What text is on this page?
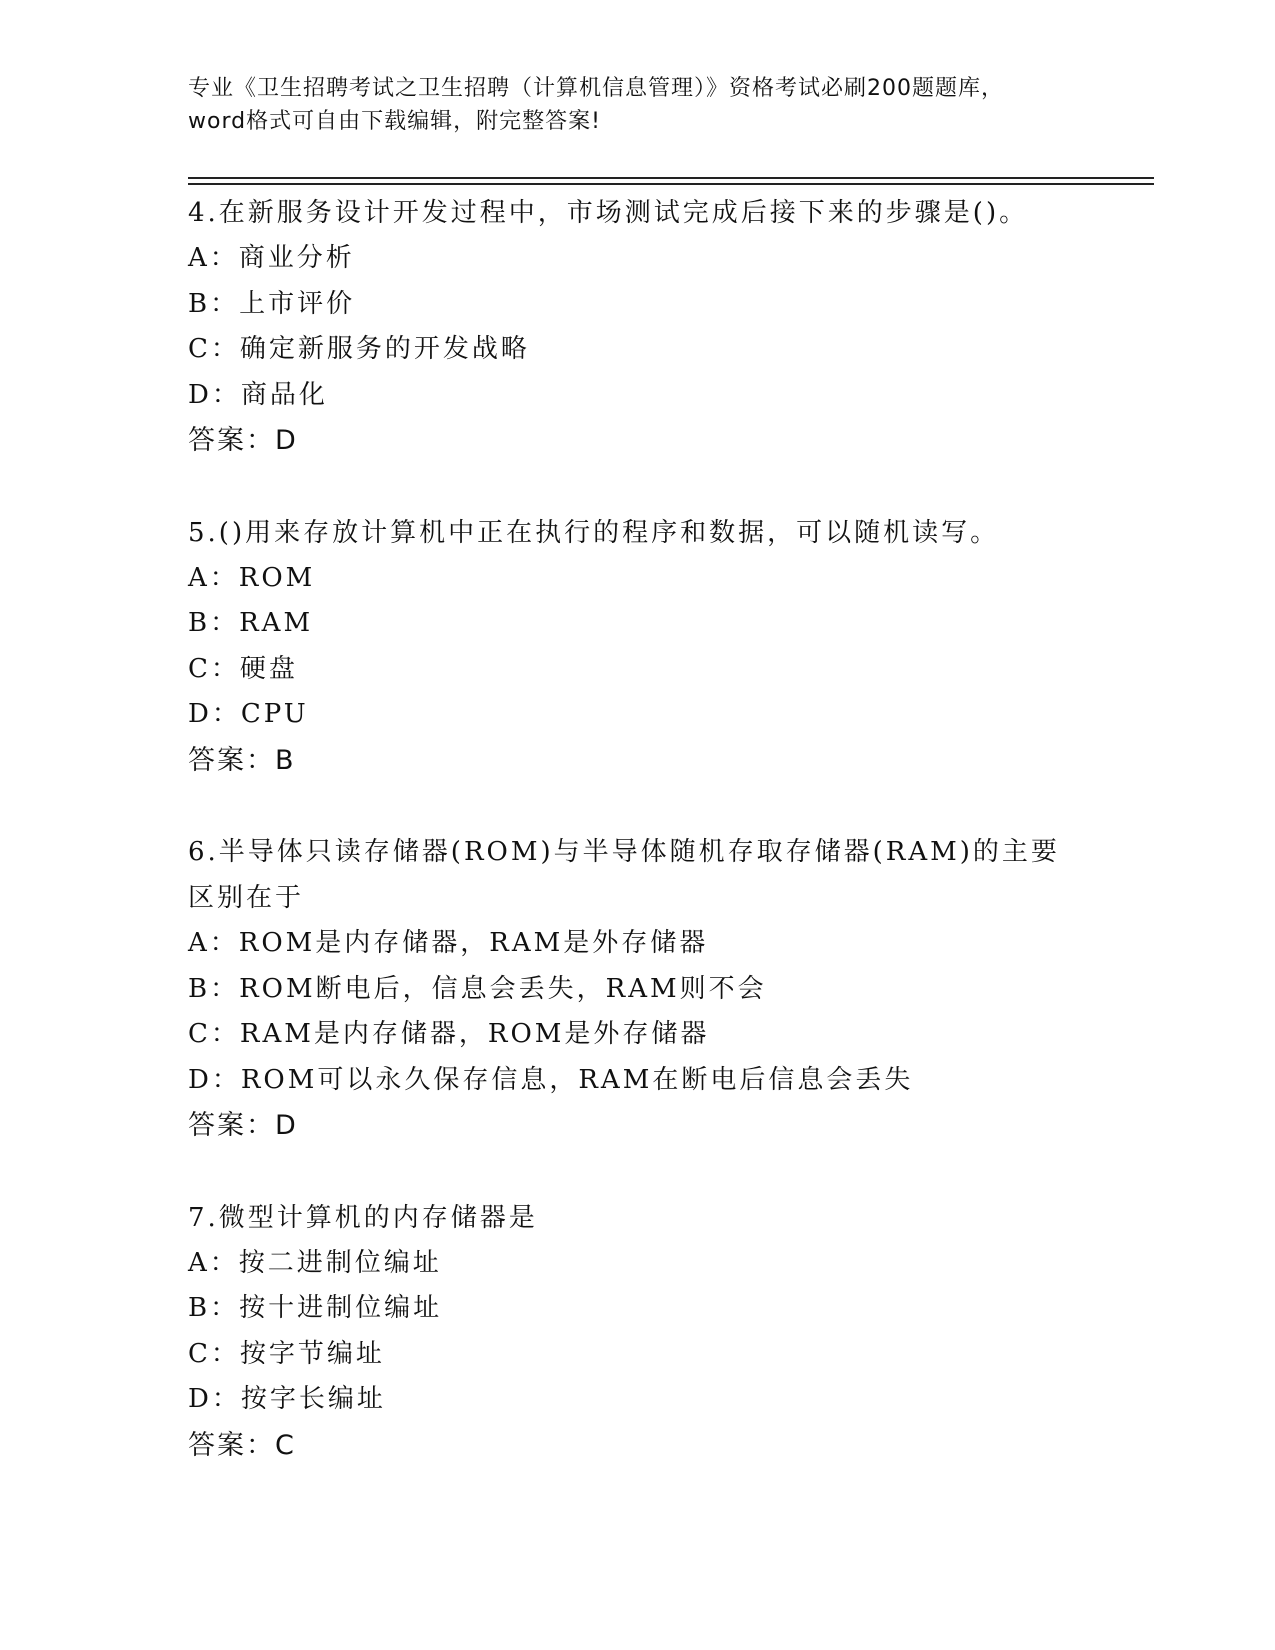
专业《卫生招聘考试之卫生招聘（计算机信息管理）》资格考试必刷200题题库，
word格式可自由下载编辑，附完整答案!
4.在新服务设计开发过程中，市场测试完成后接下来的步骤是()。
A：商业分析
B：上市评价
C：确定新服务的开发战略
D：商品化
答案：D
5.()用来存放计算机中正在执行的程序和数据，可以随机读写。
A：ROM
B：RAM
C：硬盘
D：CPU
答案：B
6.半导体只读存储器(ROM)与半导体随机存取存储器(RAM)的主要区别在于
A：ROM是内存储器，RAM是外存储器
B：ROM断电后，信息会丢失，RAM则不会
C：RAM是内存储器，ROM是外存储器
D：ROM可以永久保存信息，RAM在断电后信息会丢失
答案：D
7.微型计算机的内存储器是
A：按二进制位编址
B：按十进制位编址
C：按字节编址
D：按字长编址
答案：C
